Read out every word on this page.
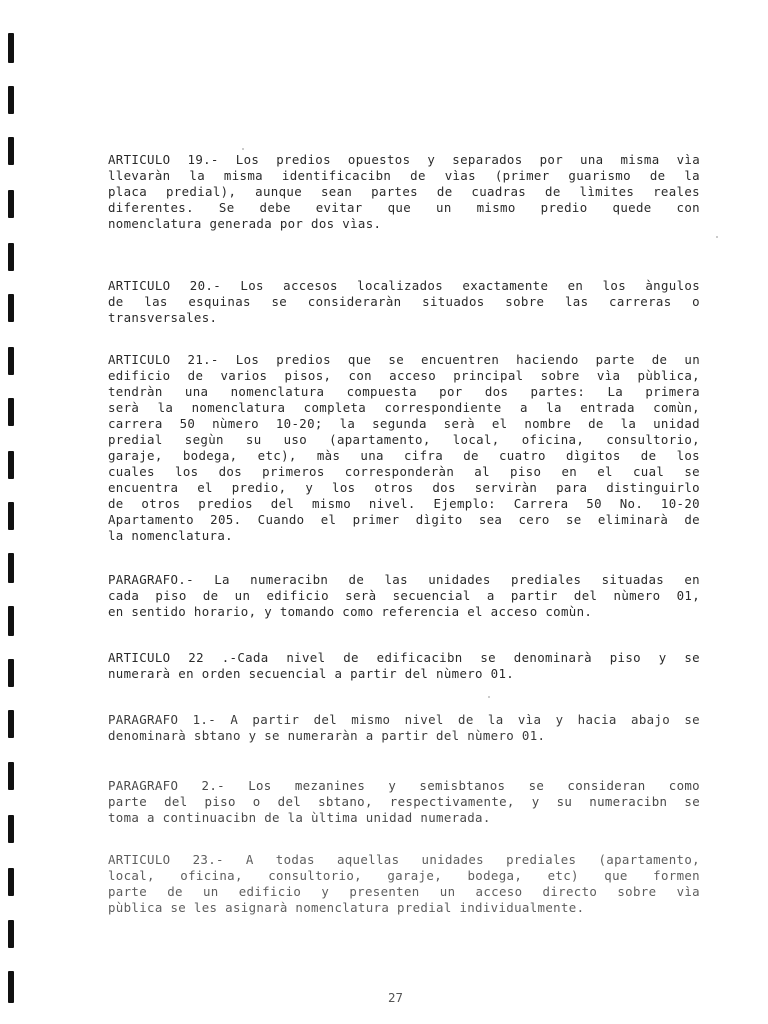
ARTICULO 19.- Los predios opuestos y separados por una misma vìa
llevaràn la misma identificacibn de vìas (primer guarismo de la
placa predial), aunque sean partes de cuadras de lìmites reales
diferentes. Se debe evitar que un mismo predio quede con
nomenclatura generada por dos vìas.
ARTICULO 20.- Los accesos localizados exactamente en los àngulos
de las esquinas se consideraràn situados sobre las carreras o
transversales.
ARTICULO 21.- Los predios que se encuentren haciendo parte de un
edificio de varios pisos, con acceso principal sobre vìa pùblica,
tendràn una nomenclatura compuesta por dos partes: La primera
serà la nomenclatura completa correspondiente a la entrada comùn,
carrera 50 nùmero 10-20; la segunda serà el nombre de la unidad
predial segùn su uso (apartamento, local, oficina, consultorio,
garaje, bodega, etc), màs una cifra de cuatro dìgitos de los
cuales los dos primeros corresponderàn al piso en el cual se
encuentra el predio, y los otros dos serviràn para distinguirlo
de otros predios del mismo nivel. Ejemplo: Carrera 50 No. 10-20
Apartamento 205. Cuando el primer dìgito sea cero se eliminarà de
la nomenclatura.
PARAGRAFO.- La numeracibn de las unidades prediales situadas en
cada piso de un edificio serà secuencial a partir del nùmero 01,
en sentido horario, y tomando como referencia el acceso comùn.
ARTICULO 22 .-Cada nivel de edificacibn se denominarà piso y se
numerarà en orden secuencial a partir del nùmero 01.
PARAGRAFO 1.- A partir del mismo nivel de la vìa y hacia abajo se
denominarà sbtano y se numeraràn a partir del nùmero 01.
PARAGRAFO 2.- Los mezanines y semisbtanos se consideran como
parte del piso o del sbtano, respectivamente, y su numeracibn se
toma a continuacibn de la ùltima unidad numerada.
ARTICULO 23.- A todas aquellas unidades prediales (apartamento,
local, oficina, consultorio, garaje, bodega, etc) que formen
parte de un edificio y presenten un acceso directo sobre vìa
pùblica se les asignarà nomenclatura predial individualmente.
27
